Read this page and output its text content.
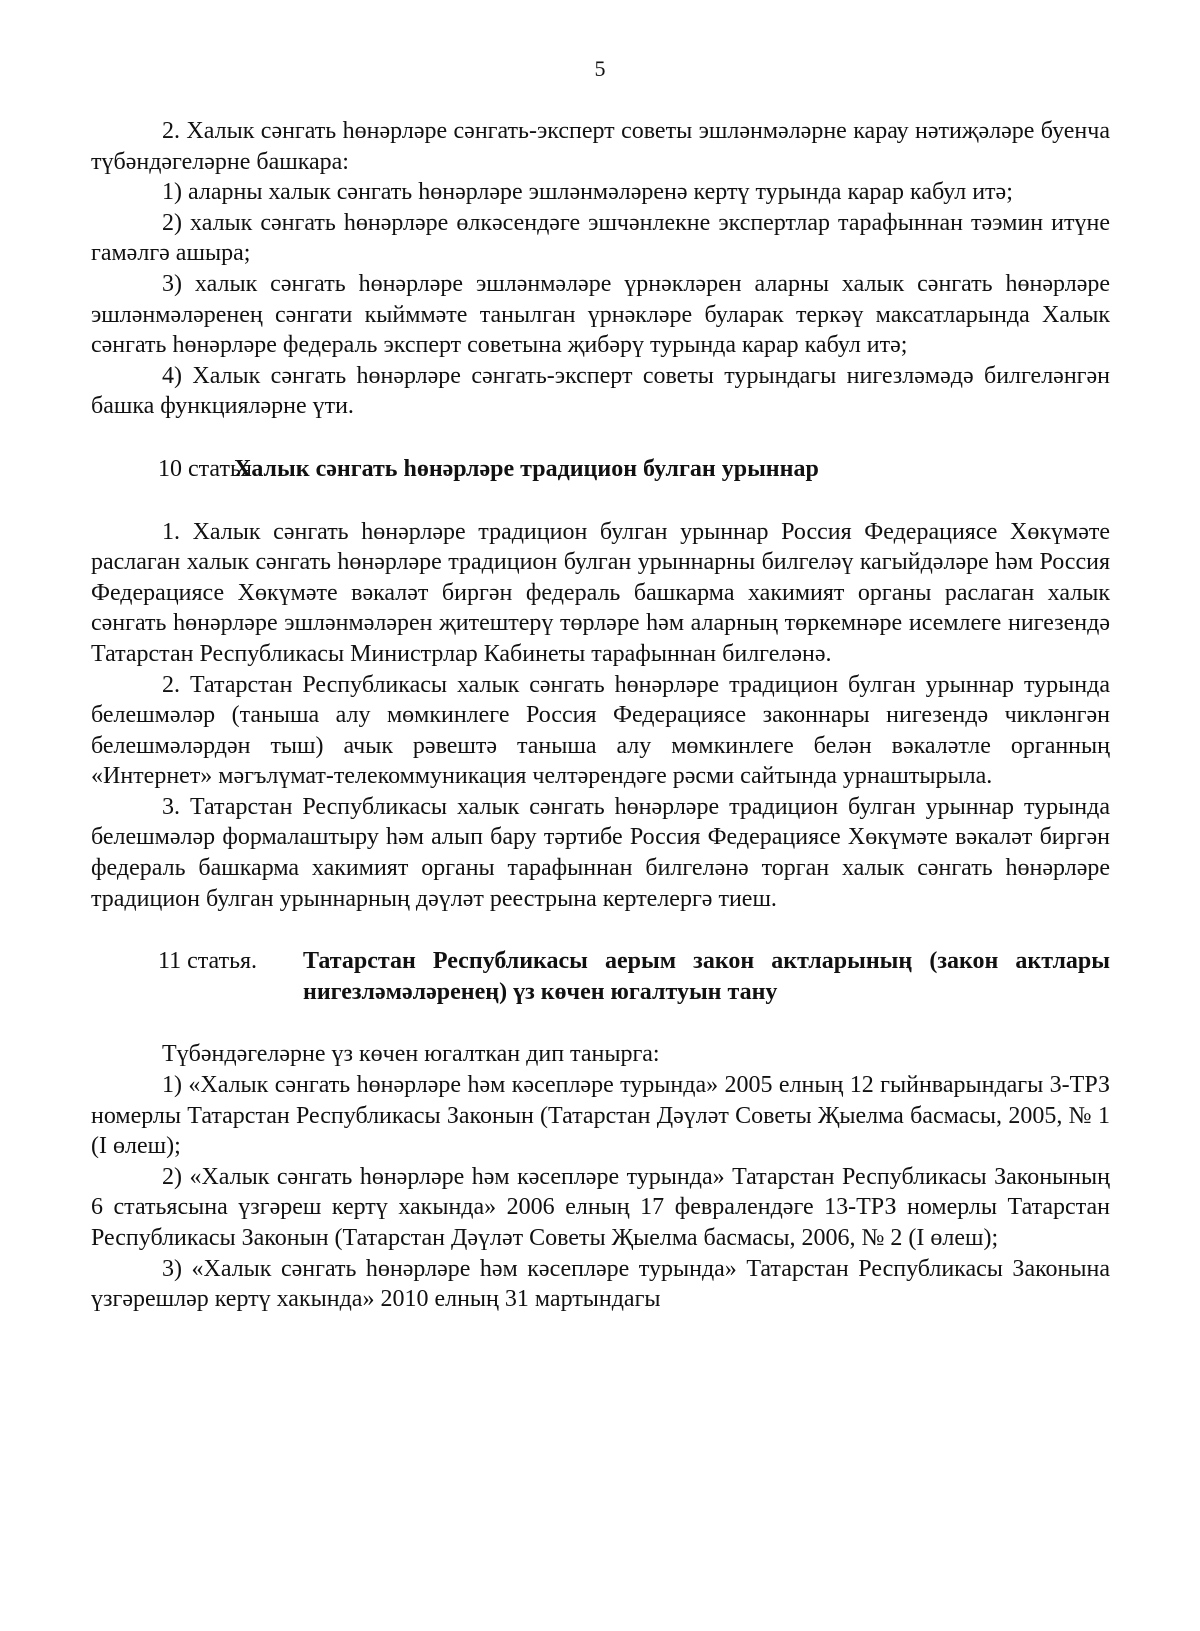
5

2. Халык сәнгать һөнәрләре сәнгать-эксперт советы эшләнмәләрне карау нәтиҗәләре буенча түбәндәгеләрне башкара:

1) аларны халык сәнгать һөнәрләре эшләнмәләренә кертү турында карар кабул итә;

2) халык сәнгать һөнәрләре өлкәсендәге эшчәнлекне экспертлар тарафыннан тәэмин итүне гамәлгә ашыра;

3) халык сәнгать һөнәрләре эшләнмәләре үрнәкләрен аларны халык сәнгать һөнәрләре эшләнмәләренең сәнгати кыйммәте танылган үрнәкләре буларак теркәү максатларында Халык сәнгать һөнәрләре федераль эксперт советына җибәрү турында карар кабул итә;

4) Халык сәнгать һөнәрләре сәнгать-эксперт советы турындагы нигезләмәдә билгеләнгән башка функцияләрне үти.

10 статья.
Халык сәнгать һөнәрләре традицион булган урыннар

1. Халык сәнгать һөнәрләре традицион булган урыннар Россия Федерациясе Хөкүмәте раслаган халык сәнгать һөнәрләре традицион булган урыннарны билгеләү кагыйдәләре һәм Россия Федерациясе Хөкүмәте вәкаләт биргән федераль башкарма хакимият органы раслаган халык сәнгать һөнәрләре эшләнмәләрен җитештерү төрләре һәм аларның төркемнәре исемлеге нигезендә Татарстан Республикасы Министрлар Кабинеты тарафыннан билгеләнә.

2. Татарстан Республикасы халык сәнгать һөнәрләре традицион булган урыннар турында белешмәләр (таныша алу мөмкинлеге Россия Федерациясе законнары нигезендә чикләнгән белешмәләрдән тыш) ачык рәвештә таныша алу мөмкинлеге белән вәкаләтле органның «Интернет» мәгълүмат-телекоммуникация челтәрендәге рәсми сайтында урнаштырыла.

3. Татарстан Республикасы халык сәнгать һөнәрләре традицион булган урыннар турында белешмәләр формалаштыру һәм алып бару тәртибе Россия Федерациясе Хөкүмәте вәкаләт биргән федераль башкарма хакимият органы тарафыннан билгеләнә торган халык сәнгать һөнәрләре традицион булган урыннарның дәүләт реестрына кертелергә тиеш.

11 статья.	Татарстан Республикасы аерым закон актларының (закон актлары нигезләмәләренең) үз көчен югалтуын тану

Түбәндәгеләрне үз көчен югалткан дип танырга:

1) «Халык сәнгать һөнәрләре һәм кәсепләре турында» 2005 елның 12 гыйнварындагы 3-ТРЗ номерлы Татарстан Республикасы Законын (Татарстан Дәүләт Советы Җыелма басмасы, 2005, № 1 (I өлеш);

2) «Халык сәнгать һөнәрләре һәм кәсепләре турында» Татарстан Республикасы Законының 6 статьясына үзгәреш кертү хакында» 2006 елның 17 февралендәге 13-ТРЗ номерлы Татарстан Республикасы Законын (Татарстан Дәүләт Советы Җыелма басмасы, 2006, № 2 (I өлеш);

3) «Халык сәнгать һөнәрләре һәм кәсепләре турында» Татарстан Республикасы Законына үзгәрешләр кертү хакында» 2010 елның 31 мартындагы
